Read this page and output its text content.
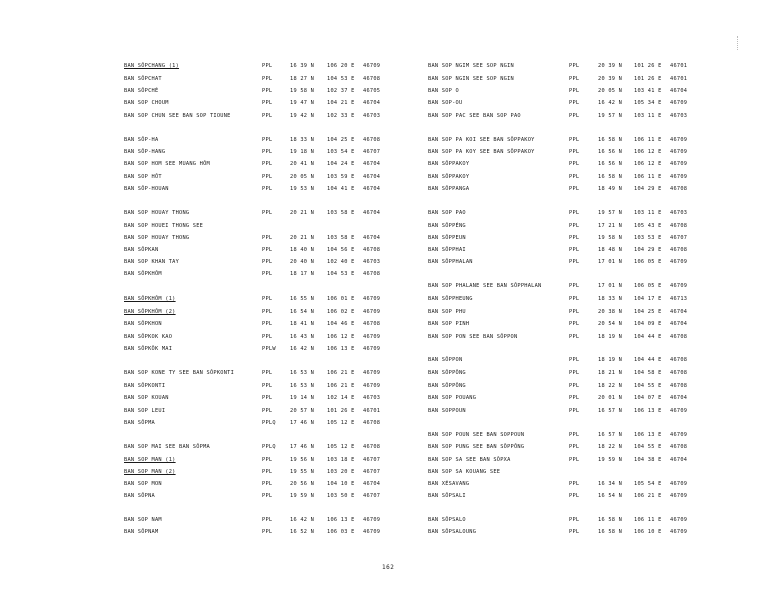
BAN SÔPCHANG (1)	PPL	16 39 N 106 20 E 46709
BAN SÔPCHAT	PPL	18 27 N 104 53 E 46708
BAN SÔPCHÉ	PPL	19 58 N 102 37 E 46705
BAN SOP CHOUM	PPL	19 47 N 104 21 E 46704
BAN SOP CHUN SEE BAN SOP TIOUNE	PPL	19 42 N 102 33 E 46703
BAN SÔP-HA	PPL	18 33 N 104 25 E 46708
BAN SÔP-HANG	PPL	19 18 N 103 54 E 46707
BAN SOP HOM SEE MUANG HÔM	PPL	20 41 N 104 24 E 46704
BAN SOP HÔT	PPL	20 05 N 103 59 E 46704
BAN SÔP-HOUAN	PPL	19 53 N 104 41 E 46704
BAN SOP HOUAY THONG	PPL	20 21 N 103 58 E 46704
BAN SOP HOUEI THONG SEE
BAN SOP HOUAY THONG	PPL	20 21 N 103 58 E 46704
BAN SÔPKAN	PPL	18 40 N 104 56 E 46708
BAN SOP KHAN TAY	PPL	20 40 N 102 40 E 46703
BAN SÔPKHÔM	PPL	18 17 N 104 53 E 46708
BAN SÔPKHÔM (1)	PPL	16 55 N 106 01 E 46709
BAN SÔPKHÔM (2)	PPL	16 54 N 106 02 E 46709
BAN SÔPKHON	PPL	18 41 N 104 46 E 46708
BAN SÔPKOK KAO	PPL	16 43 N 106 12 E 46709
BAN SÔPKÔK MAI	PPLW	16 42 N 106 13 E 46709
BAN SOP KONE TY SEE BAN SÔPKONTI	PPL	16 53 N 106 21 E 46709
BAN SÔPKONTI	PPL	16 53 N 106 21 E 46709
BAN SOP KOUAN	PPL	19 14 N 102 14 E 46703
BAN SOP LEUI	PPL	20 57 N 101 26 E 46701
BAN SÔPMA	PPLQ	17 46 N 105 12 E 46708
BAN SOP MAI SEE BAN SÔPMA	PPLQ	17 46 N 105 12 E 46708
BAN SOP MAN (1)	PPL	19 56 N 103 18 E 46707
BAN SOP MAN (2)	PPL	19 55 N 103 20 E 46707
BAN SOP MON	PPL	20 56 N 104 10 E 46704
BAN SÔPNA	PPL	19 59 N 103 50 E 46707
BAN SOP NAM	PPL	16 42 N 106 13 E 46709
BAN SÔPNAM	PPL	16 52 N 106 03 E 46709
BAN SOP NGIM SEE SOP NGIN	PPL	20 39 N 101 26 E 46701
BAN SOP NGIN SEE SOP NGIN	PPL	20 39 N 101 26 E 46701
BAN SOP O	PPL	20 05 N 103 41 E 46704
BAN SOP-OU	PPL	16 42 N 105 34 E 46709
BAN SOP PAC SEE BAN SOP PAO	PPL	19 57 N 103 11 E 46703
BAN SOP PA KOI SEE BAN SÔPPAKOY	PPL	16 58 N 106 11 E 46709
BAN SOP PA KOY SEE BAN SÔPPAKOY	PPL	16 56 N 106 12 E 46709
BAN SÔPPAKOY	PPL	16 56 N 106 12 E 46709
BAN SÔPPAKOY	PPL	16 58 N 106 11 E 46709
BAN SÔPPANGA	PPL	18 49 N 104 29 E 46708
BAN SOP PAO	PPL	19 57 N 103 11 E 46703
BAN SÔPPÉNG	PPL	17 21 N 105 43 E 46708
BAN SÔPPEUN	PPL	19 58 N 103 53 E 46707
BAN SÔPPHAI	PPL	18 48 N 104 29 E 46708
BAN SÔPPHALAN	PPL	17 01 N 106 05 E 46709
BAN SOP PHALANE SEE BAN SÔPPHALAN	PPL	17 01 N 106 05 E 46709
BAN SÔPPHEUNG	PPL	18 33 N 104 17 E 46713
BAN SOP PHU	PPL	20 38 N 104 25 E 46704
BAN SOP PINH	PPL	20 54 N 104 09 E 46704
BAN SOP PON SEE BAN SÔPPON	PPL	18 19 N 104 44 E 46708
BAN SÔPPON	PPL	18 19 N 104 44 E 46708
BAN SÔPPÔNG	PPL	18 21 N 104 58 E 46708
BAN SÔPPÔNG	PPL	18 22 N 104 55 E 46708
BAN SOP POUANG	PPL	20 01 N 104 07 E 46704
BAN SOPPOUN	PPL	16 57 N 106 13 E 46709
BAN SOP POUN SEE BAN SOPPOUN	PPL	16 57 N 106 13 E 46709
BAN SOP PUNG SEE BAN SÔPPÔNG	PPL	18 22 N 104 55 E 46708
BAN SOP SA SEE BAN SÔPXA	PPL	19 59 N 104 38 E 46704
BAN SOP SA KOUANG SEE
BAN XÉSAVANG	PPL	16 34 N 105 54 E 46709
BAN SÔPSALI	PPL	16 54 N 106 21 E 46709
BAN SÔPSALO	PPL	16 58 N 106 11 E 46709
BAN SÔPSALOUNG	PPL	16 58 N 106 10 E 46709
162
